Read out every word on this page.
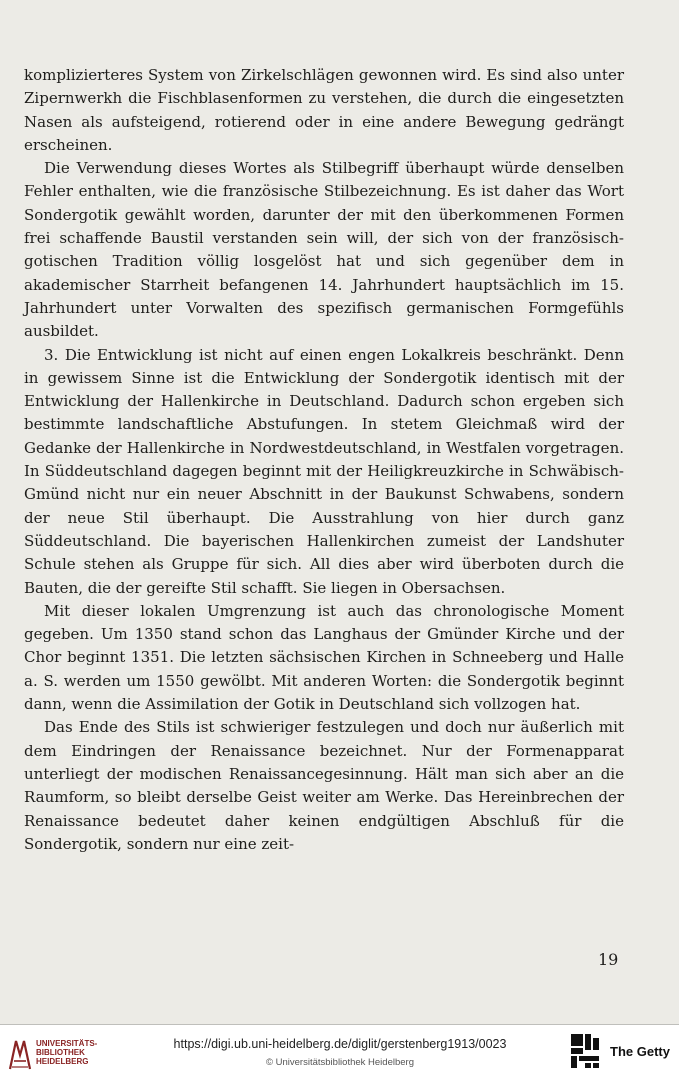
komplizierteres System von Zirkelschlägen gewonnen wird. Es sind also unter Zipernwerkh die Fischblasenformen zu verstehen, die durch die eingesetzten Nasen als aufsteigend, rotierend oder in eine andere Bewegung gedrängt erscheinen.

Die Verwendung dieses Wortes als Stilbegriff überhaupt würde denselben Fehler enthalten, wie die französische Stilbezeichnung. Es ist daher das Wort Sondergotik gewählt worden, darunter der mit den überkommenen Formen frei schaffende Baustil verstanden sein will, der sich von der französisch-gotischen Tradition völlig losgelöst hat und sich gegenüber dem in akademischer Starrheit befangenen 14. Jahrhundert hauptsächlich im 15. Jahrhundert unter Vorwalten des spezifisch germanischen Formgefühls ausbildet.

3. Die Entwicklung ist nicht auf einen engen Lokalkreis beschränkt. Denn in gewissem Sinne ist die Entwicklung der Sondergotik identisch mit der Entwicklung der Hallenkirche in Deutschland. Dadurch schon ergeben sich bestimmte landschaftliche Abstufungen. In stetem Gleichmaß wird der Gedanke der Hallenkirche in Nordwestdeutschland, in Westfalen vorgetragen. In Süddeutschland dagegen beginnt mit der Heiligkreuzkirche in Schwäbisch-Gmünd nicht nur ein neuer Abschnitt in der Baukunst Schwabens, sondern der neue Stil überhaupt. Die Ausstrahlung von hier durch ganz Süddeutschland. Die bayerischen Hallenkirchen zumeist der Landshuter Schule stehen als Gruppe für sich. All dies aber wird überboten durch die Bauten, die der gereifte Stil schafft. Sie liegen in Obersachsen.

Mit dieser lokalen Umgrenzung ist auch das chronologische Moment gegeben. Um 1350 stand schon das Langhaus der Gmünder Kirche und der Chor beginnt 1351. Die letzten sächsischen Kirchen in Schneeberg und Halle a. S. werden um 1550 gewölbt. Mit anderen Worten: die Sondergotik beginnt dann, wenn die Assimilation der Gotik in Deutschland sich vollzogen hat.

Das Ende des Stils ist schwieriger festzulegen und doch nur äußerlich mit dem Eindringen der Renaissance bezeichnet. Nur der Formenapparat unterliegt der modischen Renaissancegesinnung. Hält man sich aber an die Raumform, so bleibt derselbe Geist weiter am Werke. Das Hereinbrechen der Renaissance bedeutet daher keinen endgültigen Abschluß für die Sondergotik, sondern nur eine zeit-

19
UNIVERSITÄTS-
BIBLIOTHEK
HEIDELBERG
https://digi.ub.uni-heidelberg.de/diglit/gerstenberg1913/0023
© Universitätsbibliothek Heidelberg
The Getty
